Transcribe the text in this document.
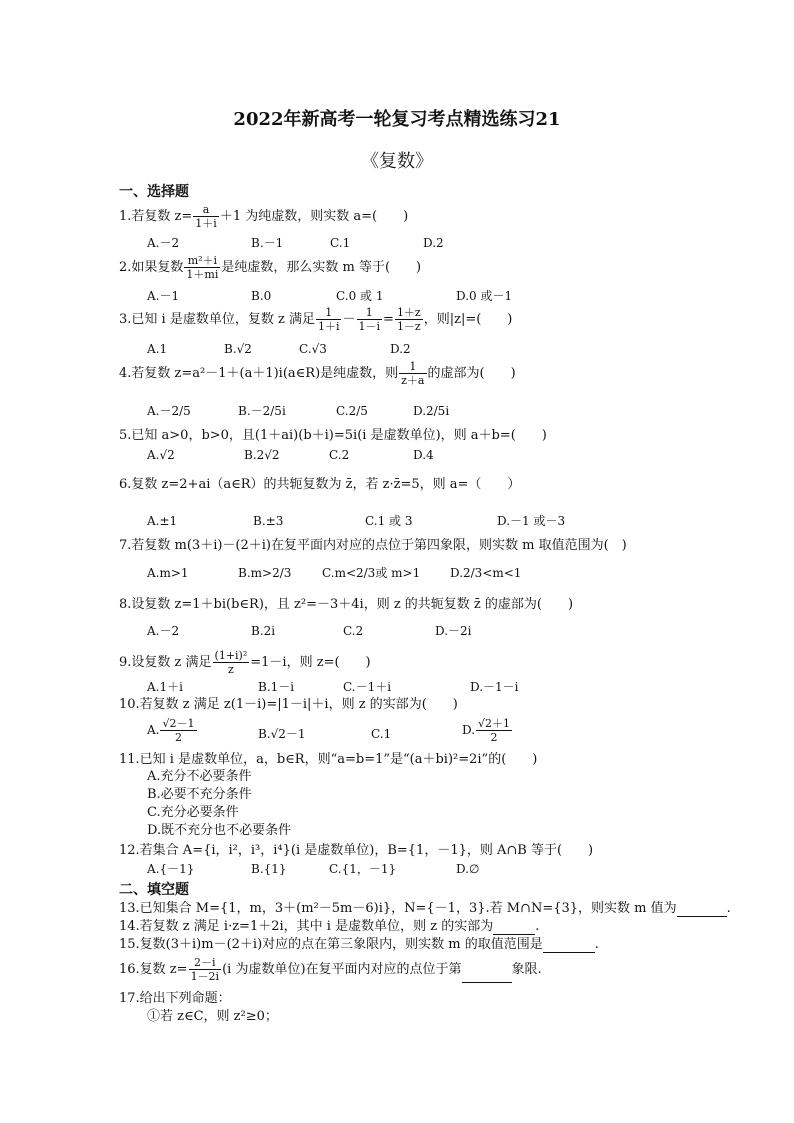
2022年新高考一轮复习考点精选练习21
《复数》
一、选择题
1.若复数 $z= \frac{a}{1+i} +1$ 为纯虚数，则实数 a=(　　)
A.－2	B.－1	C.1	D.2
2.如果复数 $\frac{\text{m²＋i}}{1+mi}$ 是纯虚数，那么实数 m 等于(　　)
A.－1	B.0	C.0 或 1	D.0 或－1
3.已知 i 是虚数单位，复数 z 满足 $\frac{1}{1+i} - \frac{1}{1-i} = \frac{1+z}{1-z}$ ，则|z|=(　　)
A.1	B.√2	C.√3	D.2
4.若复数 z=a²－1＋(a＋1)i(a∈R)是纯虚数，则 $\frac{1}{z+a}$ 的虚部为(　　)
A.－2/5	B.－2/5i	C.2/5	D.2/5i
5.已知 a>0，b>0，且(1＋ai)(b＋i)=5i(i 是虚数单位)，则 a＋b=(　　)
A.√2	B.2√2	C.2	D.4
6.复数 z=2+ai（a∈R）的共轭复数为 z̄，若 z·z̄=5，则 a=（　　）
A.±1	B.±3	C.1 或 3	D.－1 或－3
7.若复数 m(3＋i)－(2＋i)在复平面内对应的点位于第四象限，则实数 m 取值范围为(　)
A.m>1	B.m>2/3	C.m<2/3或 m>1 D.2/3<m<1
8.设复数 z=1＋bi(b∈R)，且 z²=－3＋4i，则 z 的共轭复数 z̄ 的虚部为(　　)
A.－2	B.2i	C.2	D.－2i
9.设复数 z 满足 $\frac{\text{(1+i)²}}{z} =1-i$，则 z=(　　)
A.1＋i	B.1－i	C.－1＋i	D.－1－i
10.若复数 z 满足 z(1－i)=|1－i|＋i，则 z 的实部为(　　)
A. $\frac{√2-1}{2}$	B.√2－1	C.1	D. $\frac{√2+1}{2}$
11.已知 i 是虚数单位，a，b∈R，则“a=b=1”是“(a＋bi)²=2i”的(　　)
A.充分不必要条件
B.必要不充分条件
C.充分必要条件
D.既不充分也不必要条件
12.若集合 A={i，i²，i³，i⁴}(i 是虚数单位)，B={1，－1}，则 A∩B 等于(　　)
A.{－1}	B.{1}	C.{1，－1}	D.∅
二、填空题
13.已知集合 M={1，m，3＋(m²－5m－6)i}，N={－1，3}.若 M∩N={3}，则实数 m 值为	.
14.若复数 z 满足 i·z=1＋2i，其中 i 是虚数单位，则 z 的实部为	.
15.复数(3＋i)m－(2＋i)对应的点在第三象限内，则实数 m 的取值范围是	.
16.复数 $z= \frac{2-i}{1-2i} (i$ 为虚数单位)在复平面内对应的点位于第	象限.
17.给出下列命题：
①若 z∈C，则 z²≥0；
